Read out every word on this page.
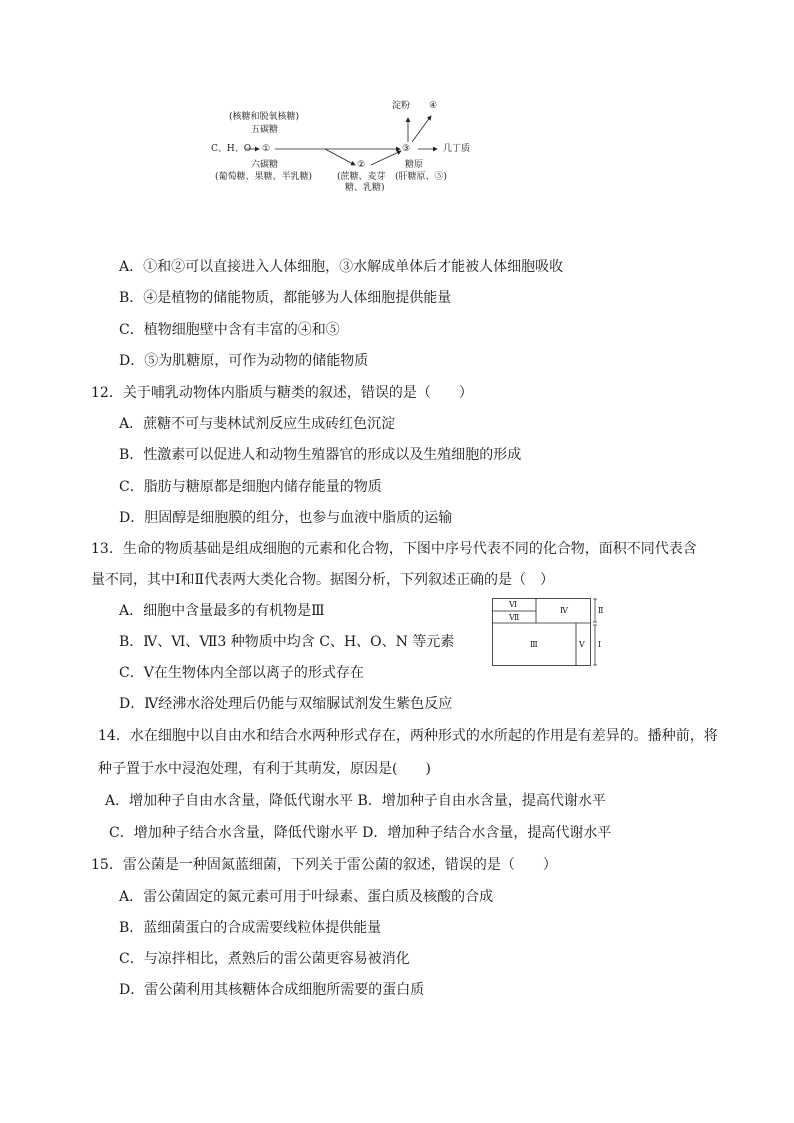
淀粉 ④
(核糖和脱氧核糖)
五碳糖
C、H、O ①	③	几丁质
六碳糖	②	糖原
(葡萄糖、果糖、半乳糖)	(蔗糖、麦芽 (肝糖原、⑤)
糖、乳糖)
A．①和②可以直接进入人体细胞，③水解成单体后才能被人体细胞吸收
B．④是植物的储能物质，都能够为人体细胞提供能量
C．植物细胞壁中含有丰富的④和⑤
D．⑤为肌糖原，可作为动物的储能物质
12．关于哺乳动物体内脂质与糖类的叙述，错误的是（　　）
A．蔗糖不可与斐林试剂反应生成砖红色沉淀
B．性激素可以促进人和动物生殖器官的形成以及生殖细胞的形成
C．脂肪与糖原都是细胞内储存能量的物质
D．胆固醇是细胞膜的组分，也参与血液中脂质的运输
13．生命的物质基础是组成细胞的元素和化合物，下图中序号代表不同的化合物，面积不同代表含
量不同，其中Ⅰ和Ⅱ代表两大类化合物。据图分析，下列叙述正确的是（　）
A．细胞中含量最多的有机物是Ⅲ
B．Ⅳ、Ⅵ、Ⅶ3 种物质中均含 C、H、O、N 等元素
C．Ⅴ在生物体内全部以离子的形式存在
D．Ⅳ经沸水浴处理后仍能与双缩脲试剂发生紫色反应
Ⅵ
Ⅶ
Ⅳ
Ⅲ	Ⅴ
Ⅱ
Ⅰ
14．水在细胞中以自由水和结合水两种形式存在，两种形式的水所起的作用是有差异的。播种前，将
种子置于水中浸泡处理，有利于其萌发，原因是(　　)
A．增加种子自由水含量，降低代谢水平 B．增加种子自由水含量，提高代谢水平
C．增加种子结合水含量，降低代谢水平 D．增加种子结合水含量，提高代谢水平
15．雷公菌是一种固氮蓝细菌，下列关于雷公菌的叙述，错误的是（　　）
A．雷公菌固定的氮元素可用于叶绿素、蛋白质及核酸的合成
B．蓝细菌蛋白的合成需要线粒体提供能量
C．与凉拌相比，煮熟后的雷公菌更容易被消化
D．雷公菌利用其核糖体合成细胞所需要的蛋白质
